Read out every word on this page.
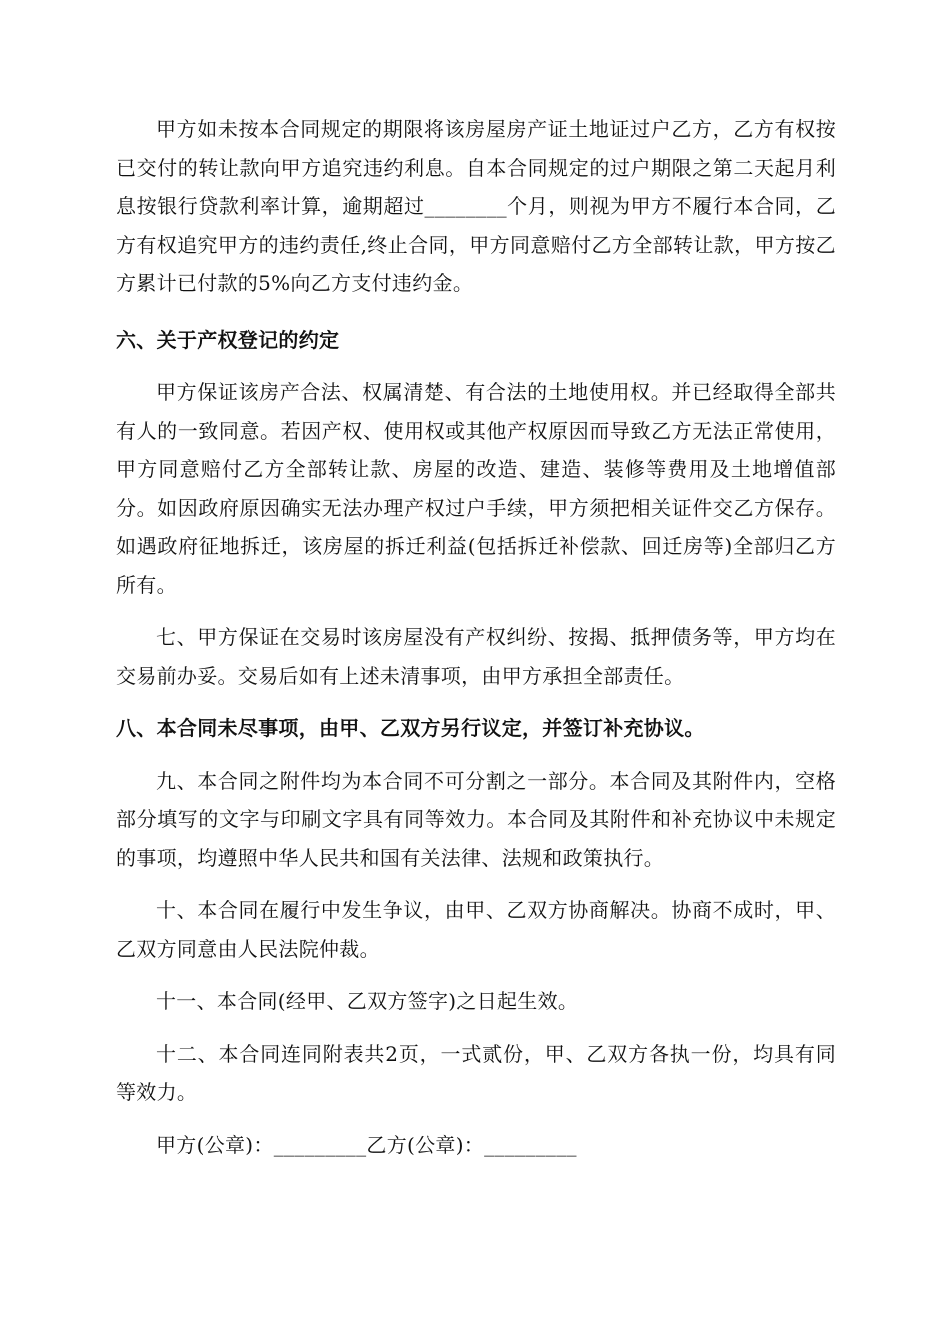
甲方如未按本合同规定的期限将该房屋房产证土地证过户乙方，乙方有权按已交付的转让款向甲方追究违约利息。自本合同规定的过户期限之第二天起月利息按银行贷款利率计算，逾期超过________个月，则视为甲方不履行本合同，乙方有权追究甲方的违约责任,终止合同，甲方同意赔付乙方全部转让款，甲方按乙方累计已付款的5%向乙方支付违约金。

六、关于产权登记的约定

甲方保证该房产合法、权属清楚、有合法的土地使用权。并已经取得全部共有人的一致同意。若因产权、使用权或其他产权原因而导致乙方无法正常使用，甲方同意赔付乙方全部转让款、房屋的改造、建造、装修等费用及土地增值部分。如因政府原因确实无法办理产权过户手续，甲方须把相关证件交乙方保存。如遇政府征地拆迁，该房屋的拆迁利益(包括拆迁补偿款、回迁房等)全部归乙方所有。

七、甲方保证在交易时该房屋没有产权纠纷、按揭、抵押债务等，甲方均在交易前办妥。交易后如有上述未清事项，由甲方承担全部责任。

八、本合同未尽事项，由甲、乙双方另行议定，并签订补充协议。

九、本合同之附件均为本合同不可分割之一部分。本合同及其附件内，空格部分填写的文字与印刷文字具有同等效力。本合同及其附件和补充协议中未规定的事项，均遵照中华人民共和国有关法律、法规和政策执行。

十、本合同在履行中发生争议，由甲、乙双方协商解决。协商不成时，甲、乙双方同意由人民法院仲裁。

十一、本合同(经甲、乙双方签字)之日起生效。

十二、本合同连同附表共2页，一式贰份，甲、乙双方各执一份，均具有同等效力。

甲方(公章)：_________乙方(公章)：_________
